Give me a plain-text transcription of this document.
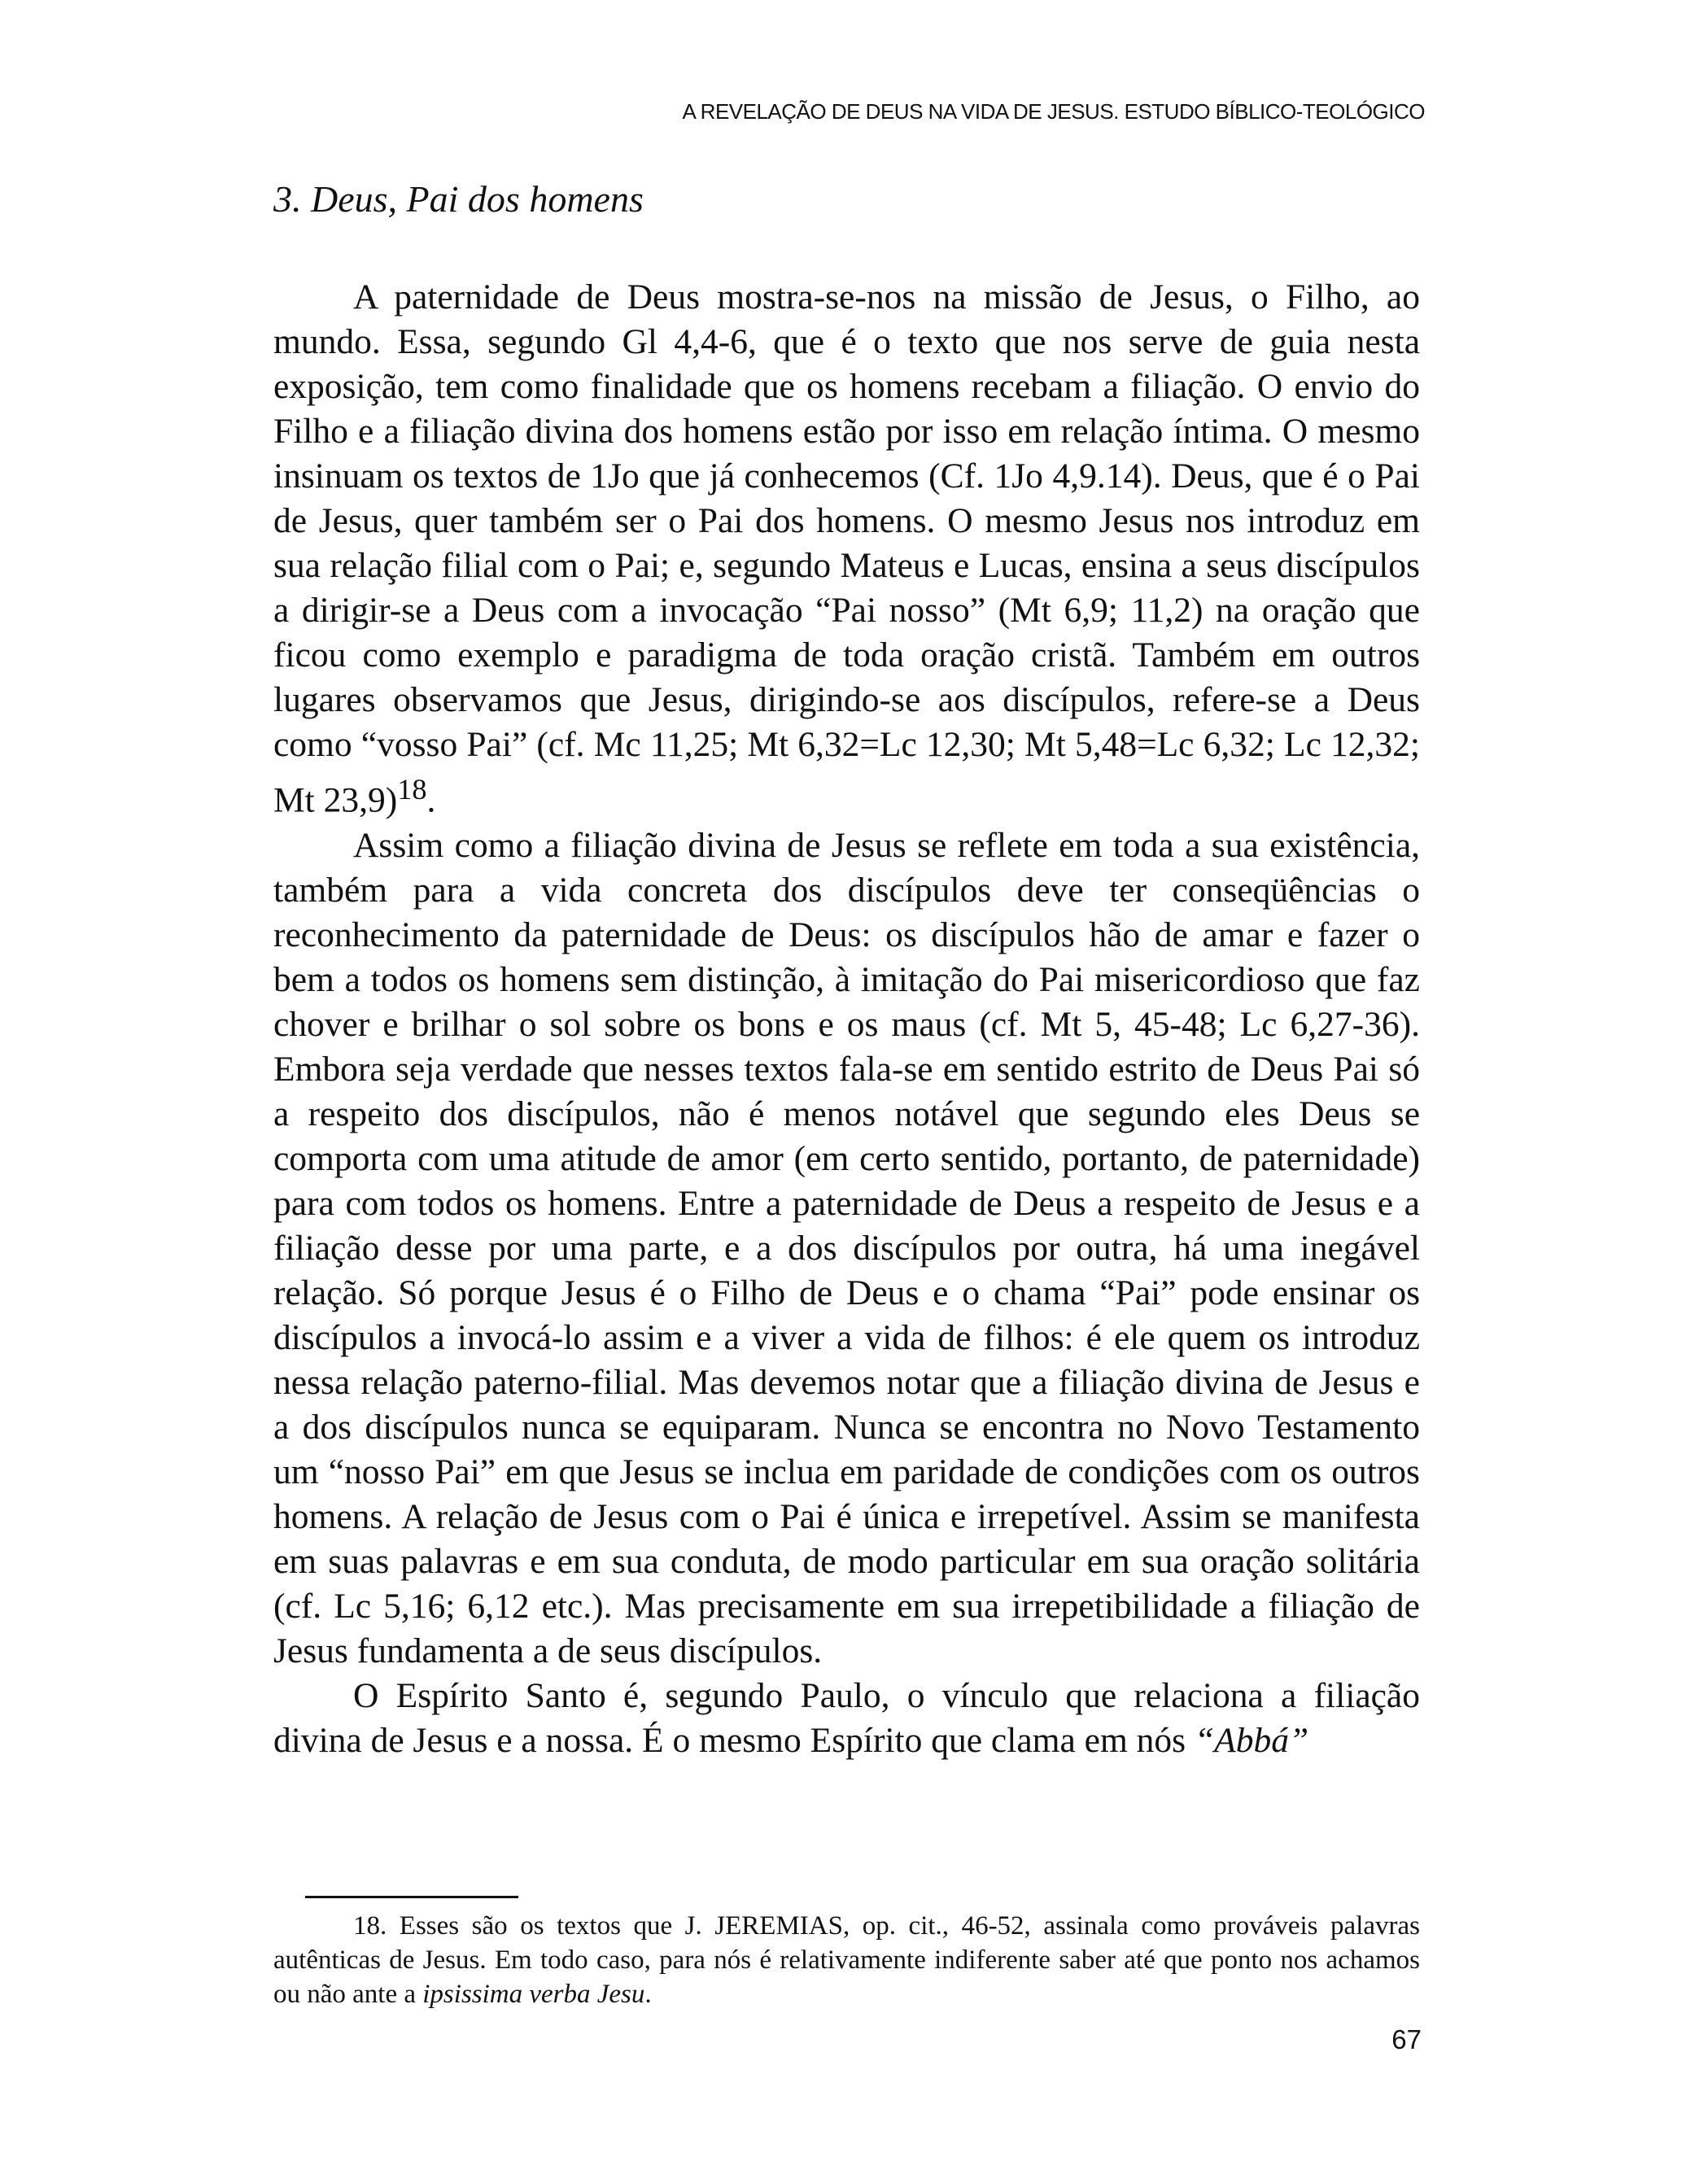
A REVELAÇÃO DE DEUS NA VIDA DE JESUS. ESTUDO BÍBLICO-TEOLÓGICO
3. Deus, Pai dos homens

A paternidade de Deus mostra-se-nos na missão de Jesus, o Filho, ao mundo. Essa, segundo Gl 4,4-6, que é o texto que nos serve de guia nesta exposição, tem como finalidade que os homens recebam a filiação. O envio do Filho e a filiação divina dos homens estão por isso em relação íntima. O mesmo insinuam os textos de 1Jo que já conhecemos (Cf. 1Jo 4,9.14). Deus, que é o Pai de Jesus, quer também ser o Pai dos homens. O mesmo Jesus nos introduz em sua relação filial com o Pai; e, segundo Mateus e Lucas, ensina a seus discípulos a dirigir-se a Deus com a invocação “Pai nosso” (Mt 6,9; 11,2) na oração que ficou como exemplo e paradigma de toda oração cristã. Também em outros lugares observamos que Jesus, dirigindo-se aos discípulos, refere-se a Deus como “vosso Pai” (cf. Mc 11,25; Mt 6,32=Lc 12,30; Mt 5,48=Lc 6,32; Lc 12,32; Mt 23,9)$^{18}$.

Assim como a filiação divina de Jesus se reflete em toda a sua existência, também para a vida concreta dos discípulos deve ter conseqüências o reconhecimento da paternidade de Deus: os discípulos hão de amar e fazer o bem a todos os homens sem distinção, à imitação do Pai misericordioso que faz chover e brilhar o sol sobre os bons e os maus (cf. Mt 5, 45-48; Lc 6,27-36). Embora seja verdade que nesses textos fala-se em sentido estrito de Deus Pai só a respeito dos discípulos, não é menos notável que segundo eles Deus se comporta com uma atitude de amor (em certo sentido, portanto, de paternidade) para com todos os homens. Entre a paternidade de Deus a respeito de Jesus e a filiação desse por uma parte, e a dos discípulos por outra, há uma inegável relação. Só porque Jesus é o Filho de Deus e o chama “Pai” pode ensinar os discípulos a invocá-lo assim e a viver a vida de filhos: é ele quem os introduz nessa relação paterno-filial. Mas devemos notar que a filiação divina de Jesus e a dos discípulos nunca se equiparam. Nunca se encontra no Novo Testamento um “nosso Pai” em que Jesus se inclua em paridade de condições com os outros homens. A relação de Jesus com o Pai é única e irrepetível. Assim se manifesta em suas palavras e em sua conduta, de modo particular em sua oração solitária (cf. Lc 5,16; 6,12 etc.). Mas precisamente em sua irrepetibilidade a filiação de Jesus fundamenta a de seus discípulos.

O Espírito Santo é, segundo Paulo, o vínculo que relaciona a filiação divina de Jesus e a nossa. É o mesmo Espírito que clama em nós “Abbá”

18. Esses são os textos que J. JEREMIAS, op. cit., 46-52, assinala como prováveis palavras autênticas de Jesus. Em todo caso, para nós é relativamente indiferente saber até que ponto nos achamos ou não ante a ipsissima verba Jesu.

67
